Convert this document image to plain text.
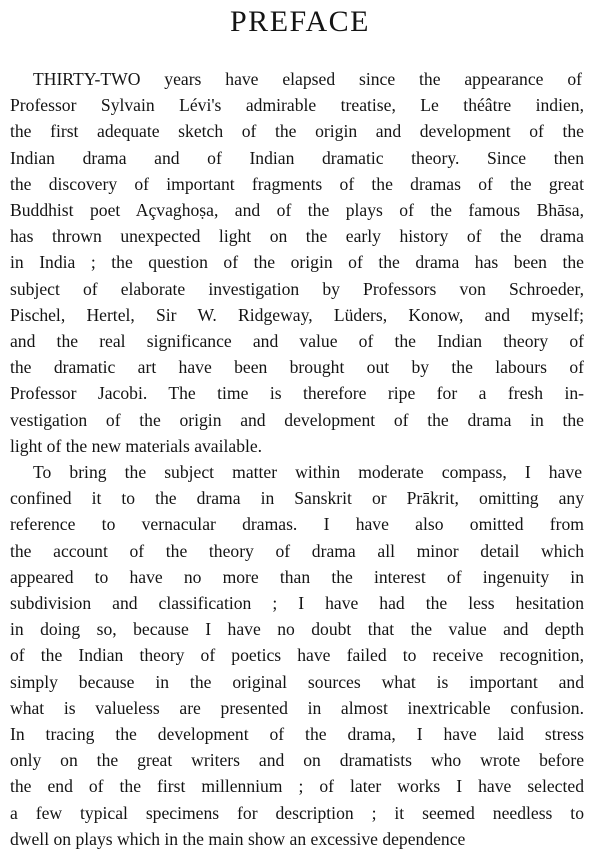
PREFACE
THIRTY-TWO years have elapsed since the appearance of
Professor Sylvain Lévi's admirable treatise, Le théâtre indien,
the first adequate sketch of the origin and development of the
Indian drama and of Indian dramatic theory. Since then
the discovery of important fragments of the dramas of the great
Buddhist poet Açvaghoṣa, and of the plays of the famous Bhāsa,
has thrown unexpected light on the early history of the drama
in India ; the question of the origin of the drama has been the
subject of elaborate investigation by Professors von Schroeder,
Pischel, Hertel, Sir W. Ridgeway, Lüders, Konow, and myself;
and the real significance and value of the Indian theory of
the dramatic art have been brought out by the labours of
Professor Jacobi. The time is therefore ripe for a fresh in-
vestigation of the origin and development of the drama in the
light of the new materials available.
To bring the subject matter within moderate compass, I have
confined it to the drama in Sanskrit or Prākrit, omitting any
reference to vernacular dramas. I have also omitted from
the account of the theory of drama all minor detail which
appeared to have no more than the interest of ingenuity in
subdivision and classification ; I have had the less hesitation
in doing so, because I have no doubt that the value and depth
of the Indian theory of poetics have failed to receive recognition,
simply because in the original sources what is important and
what is valueless are presented in almost inextricable confusion.
In tracing the development of the drama, I have laid stress
only on the great writers and on dramatists who wrote before
the end of the first millennium ; of later works I have selected
a few typical specimens for description ; it seemed needless to
dwell on plays which in the main show an excessive dependence
